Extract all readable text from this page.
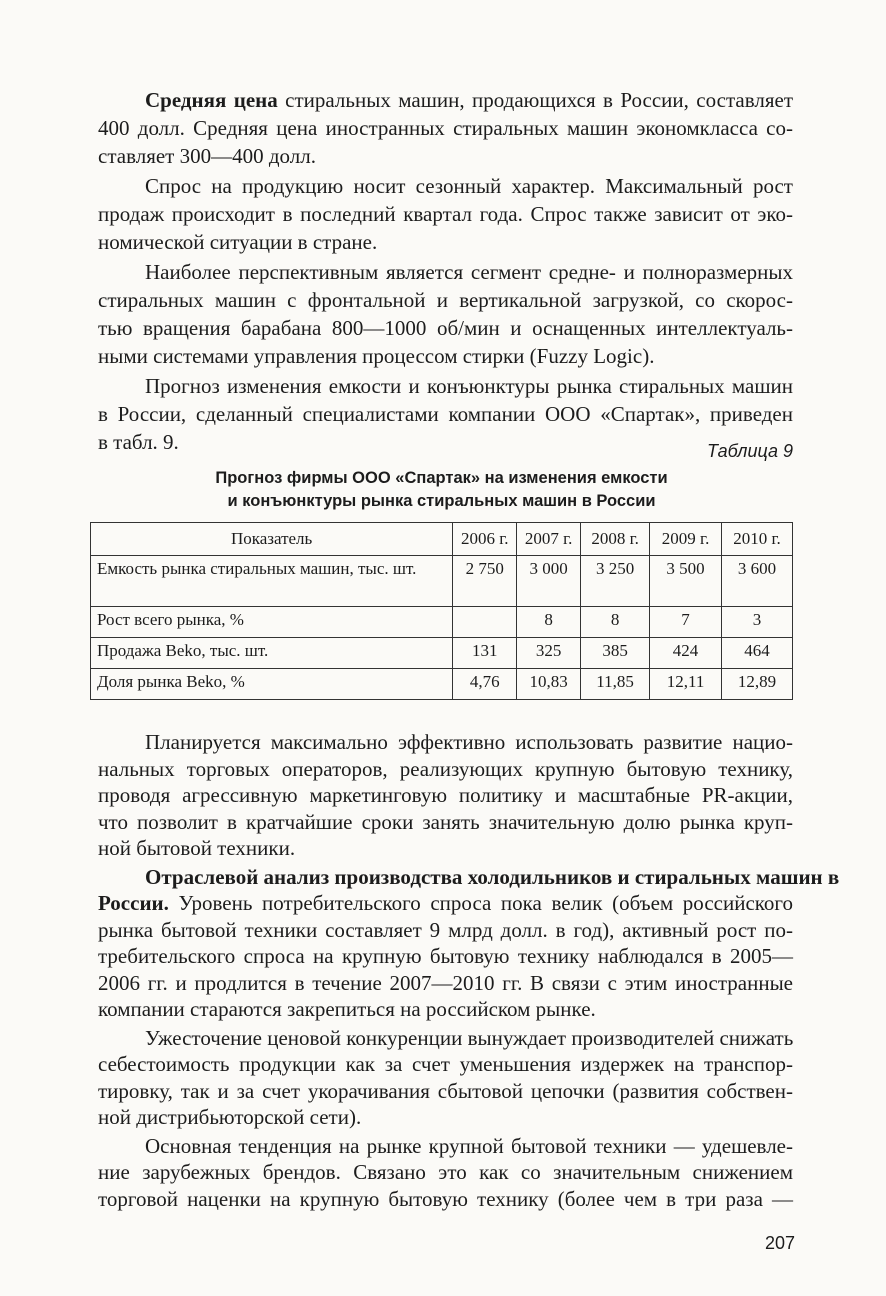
Средняя цена стиральных машин, продающихся в России, составляет
400 долл. Средняя цена иностранных стиральных машин экономкласса со-
ставляет 300—400 долл.
Спрос на продукцию носит сезонный характер. Максимальный рост
продаж происходит в последний квартал года. Спрос также зависит от эко-
номической ситуации в стране.
Наиболее перспективным является сегмент средне- и полноразмерных
стиральных машин с фронтальной и вертикальной загрузкой, со скорос-
тью вращения барабана 800—1000 об/мин и оснащенных интеллектуаль-
ными системами управления процессом стирки (Fuzzy Logic).
Прогноз изменения емкости и конъюнктуры рынка стиральных машин
в России, сделанный специалистами компании ООО «Спартак», приведен
в табл. 9.	Таблица 9
Прогноз фирмы ООО «Спартак» на изменения емкости
и конъюнктуры рынка стиральных машин в России
Показатель	2006 г.	2007 г.	2008 г.	2009 г.	2010 г.
Емкость рынка стиральных машин, тыс. шт.	2 750	3 000	3 250	3 500	3 600
Рост всего рынка, %		8	8	7	3
Продажа Beko, тыс. шт.	131	325	385	424	464
Доля рынка Beko, %	4,76	10,83	11,85	12,11	12,89
Планируется максимально эффективно использовать развитие нацио-
нальных торговых операторов, реализующих крупную бытовую технику,
проводя агрессивную маркетинговую политику и масштабные PR-акции,
что позволит в кратчайшие сроки занять значительную долю рынка круп-
ной бытовой техники.
Отраслевой анализ производства холодильников и стиральных машин в
России. Уровень потребительского спроса пока велик (объем российского
рынка бытовой техники составляет 9 млрд долл. в год), активный рост по-
требительского спроса на крупную бытовую технику наблюдался в 2005—
2006 гг. и продлится в течение 2007—2010 гг. В связи с этим иностранные
компании стараются закрепиться на российском рынке.
Ужесточение ценовой конкуренции вынуждает производителей снижать
себестоимость продукции как за счет уменьшения издержек на транспор-
тировку, так и за счет укорачивания сбытовой цепочки (развития собствен-
ной дистрибьюторской сети).
Основная тенденция на рынке крупной бытовой техники — удешевле-
ние зарубежных брендов. Связано это как со значительным снижением
торговой наценки на крупную бытовую технику (более чем в три раза —
207
